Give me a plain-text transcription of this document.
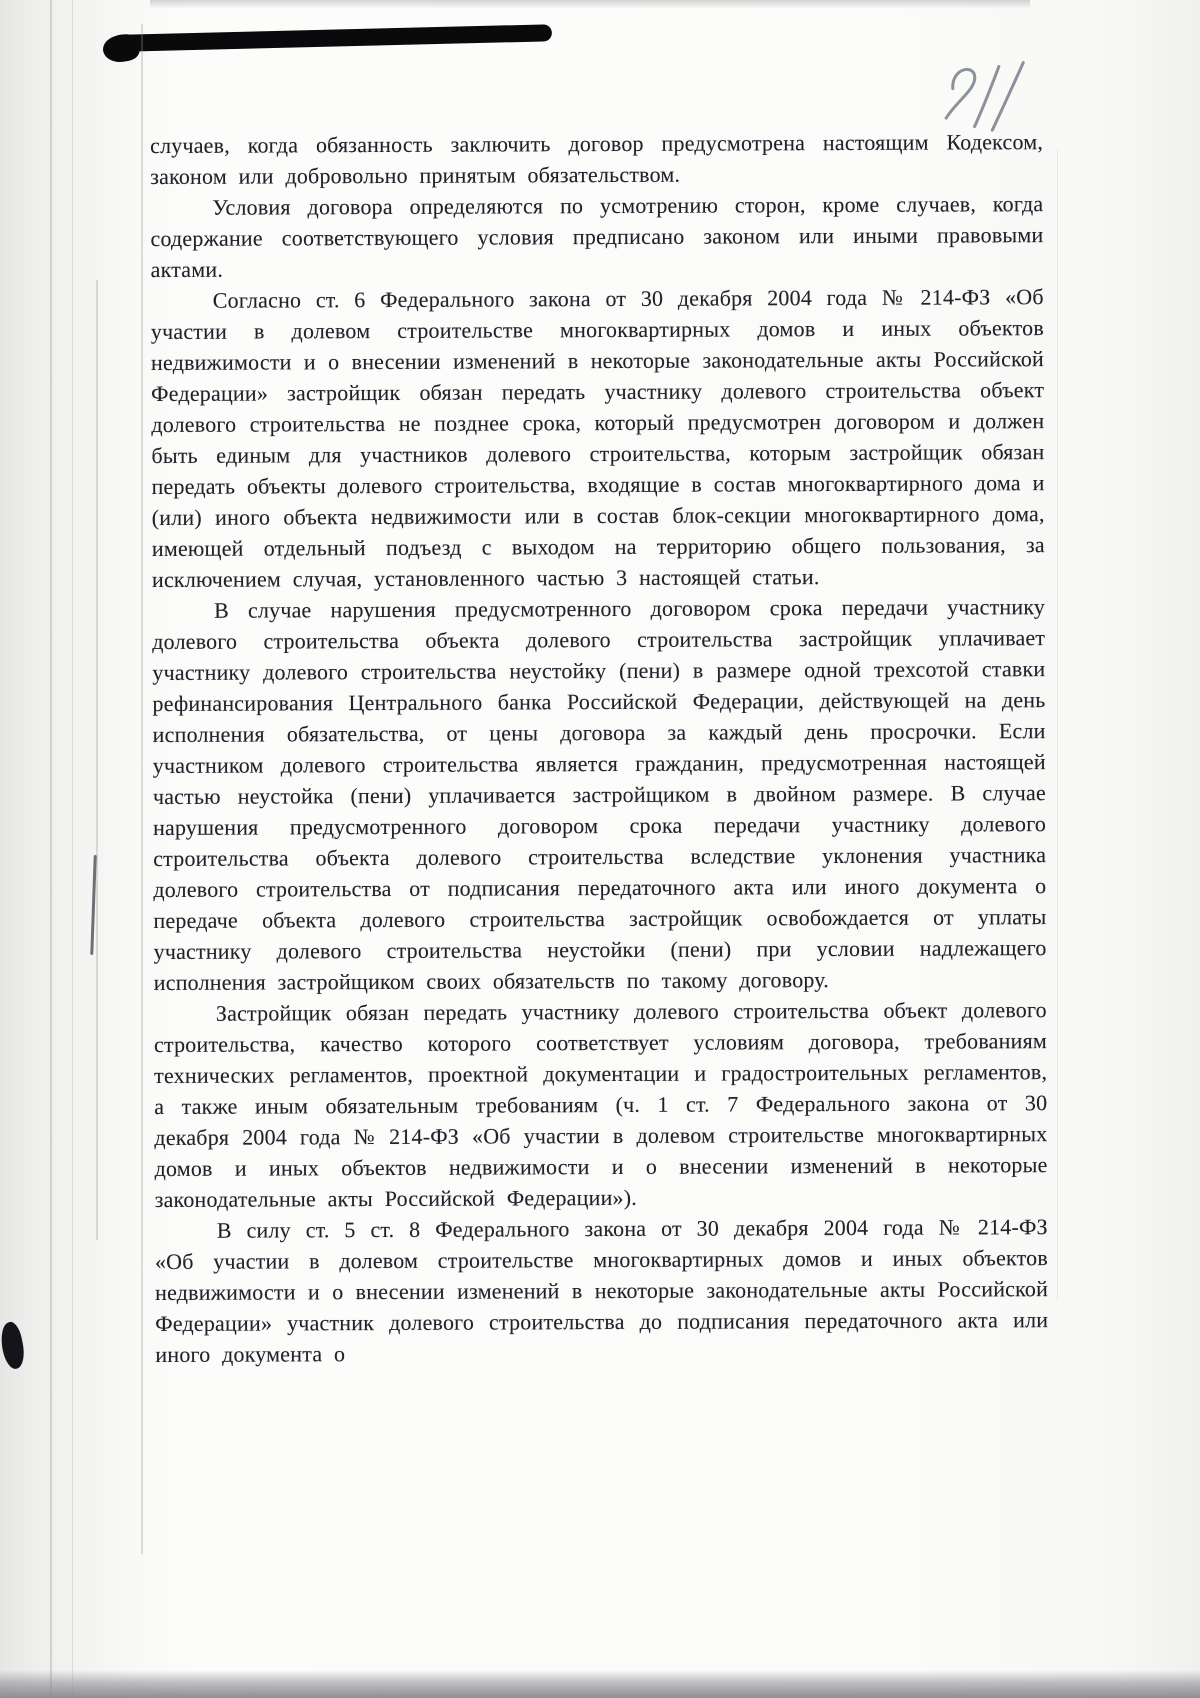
случаев, когда обязанность заключить договор предусмотрена настоящим Кодексом, законом или добровольно принятым обязательством.

Условия договора определяются по усмотрению сторон, кроме случаев, когда содержание соответствующего условия предписано законом или иными правовыми актами.

Согласно ст. 6 Федерального закона от 30 декабря 2004 года № 214-ФЗ «Об участии в долевом строительстве многоквартирных домов и иных объектов недвижимости и о внесении изменений в некоторые законодательные акты Российской Федерации» застройщик обязан передать участнику долевого строительства объект долевого строительства не позднее срока, который предусмотрен договором и должен быть единым для участников долевого строительства, которым застройщик обязан передать объекты долевого строительства, входящие в состав многоквартирного дома и (или) иного объекта недвижимости или в состав блок-секции многоквартирного дома, имеющей отдельный подъезд с выходом на территорию общего пользования, за исключением случая, установленного частью 3 настоящей статьи.

В случае нарушения предусмотренного договором срока передачи участнику долевого строительства объекта долевого строительства застройщик уплачивает участнику долевого строительства неустойку (пени) в размере одной трехсотой ставки рефинансирования Центрального банка Российской Федерации, действующей на день исполнения обязательства, от цены договора за каждый день просрочки. Если участником долевого строительства является гражданин, предусмотренная настоящей частью неустойка (пени) уплачивается застройщиком в двойном размере. В случае нарушения предусмотренного договором срока передачи участнику долевого строительства объекта долевого строительства вследствие уклонения участника долевого строительства от подписания передаточного акта или иного документа о передаче объекта долевого строительства застройщик освобождается от уплаты участнику долевого строительства неустойки (пени) при условии надлежащего исполнения застройщиком своих обязательств по такому договору.

Застройщик обязан передать участнику долевого строительства объект долевого строительства, качество которого соответствует условиям договора, требованиям технических регламентов, проектной документации и градостроительных регламентов, а также иным обязательным требованиям (ч. 1 ст. 7 Федерального закона от 30 декабря 2004 года № 214-ФЗ «Об участии в долевом строительстве многоквартирных домов и иных объектов недвижимости и о внесении изменений в некоторые законодательные акты Российской Федерации»).

В силу ст. 5 ст. 8 Федерального закона от 30 декабря 2004 года № 214-ФЗ «Об участии в долевом строительстве многоквартирных домов и иных объектов недвижимости и о внесении изменений в некоторые законодательные акты Российской Федерации» участник долевого строительства до подписания передаточного акта или иного документа о
